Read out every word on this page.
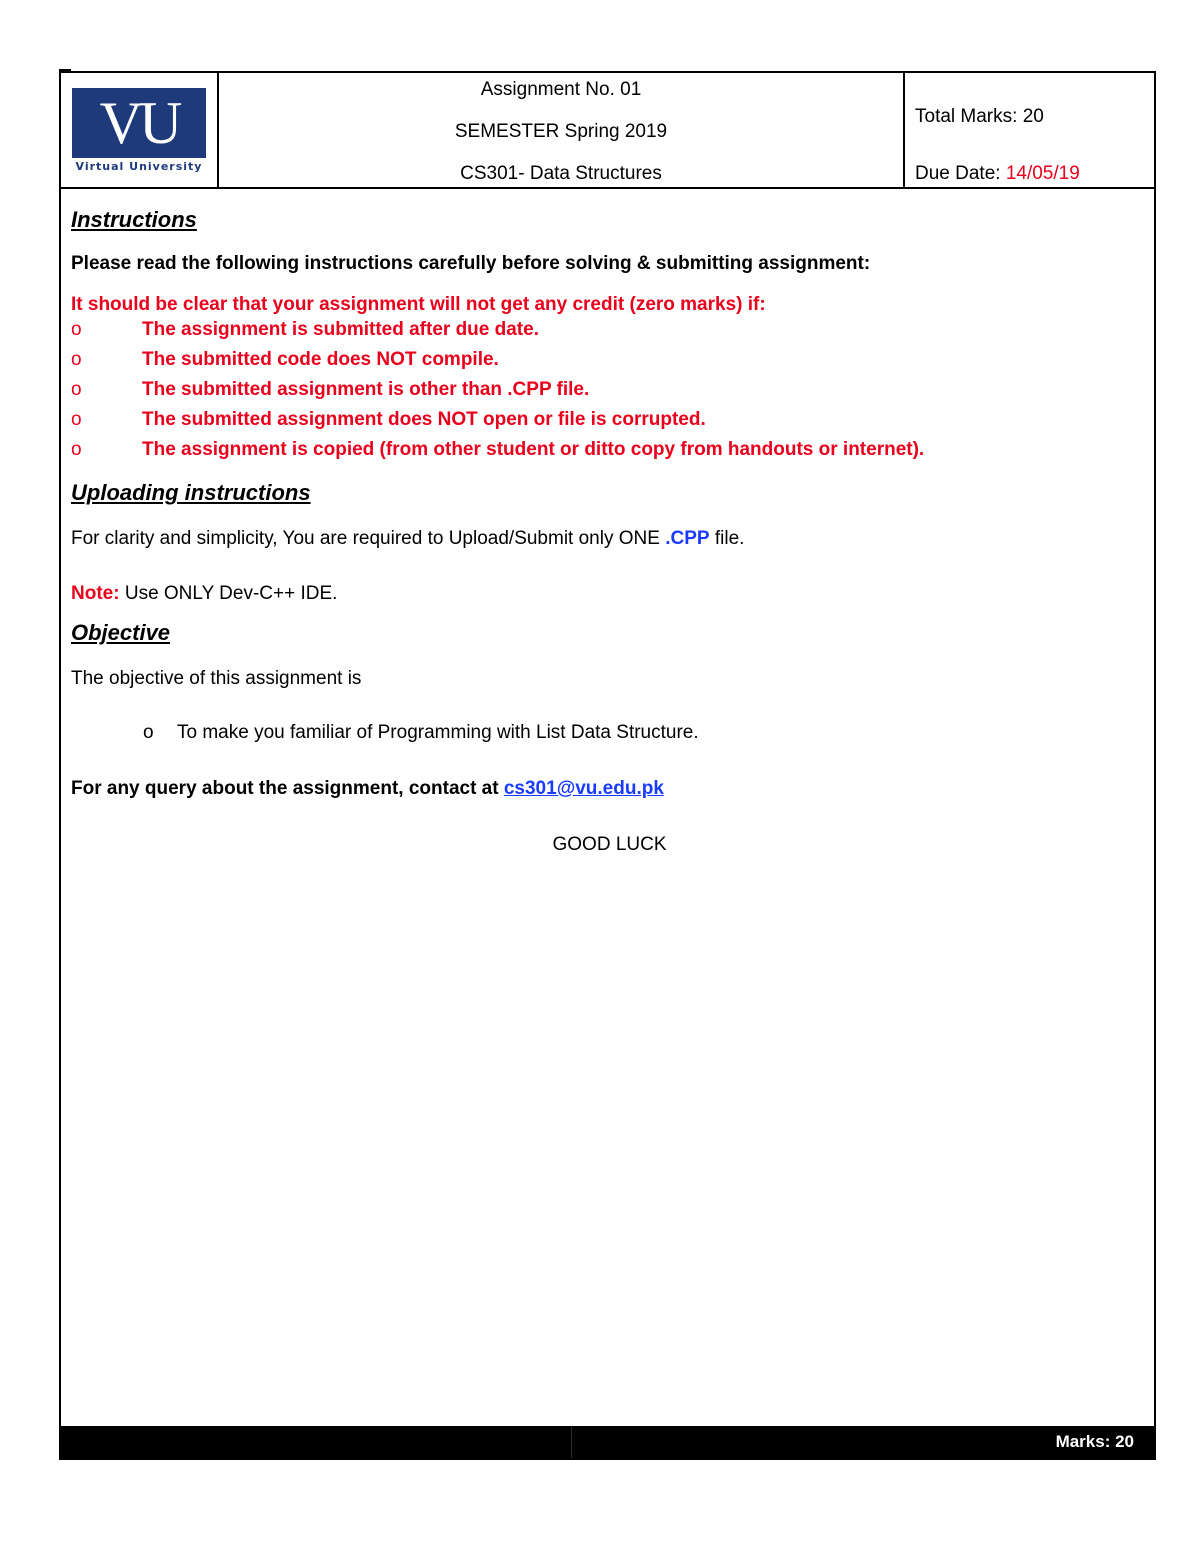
VU
Virtual University
Assignment No. 01
SEMESTER Spring 2019
CS301- Data Structures
Total Marks: 20
Due Date: 14/05/19

Instructions

Please read the following instructions carefully before solving & submitting assignment:

It should be clear that your assignment will not get any credit (zero marks) if:

o	The assignment is submitted after due date.
o	The submitted code does NOT compile.
o	The submitted assignment is other than .CPP file.
o	The submitted assignment does NOT open or file is corrupted.
o	The assignment is copied (from other student or ditto copy from handouts or internet).

Uploading instructions

For clarity and simplicity, You are required to Upload/Submit only ONE .CPP file.

Note: Use ONLY Dev-C++ IDE.

Objective

The objective of this assignment is

o	To make you familiar of Programming with List Data Structure.

For any query about the assignment, contact at cs301@vu.edu.pk

GOOD LUCK

Marks: 20
